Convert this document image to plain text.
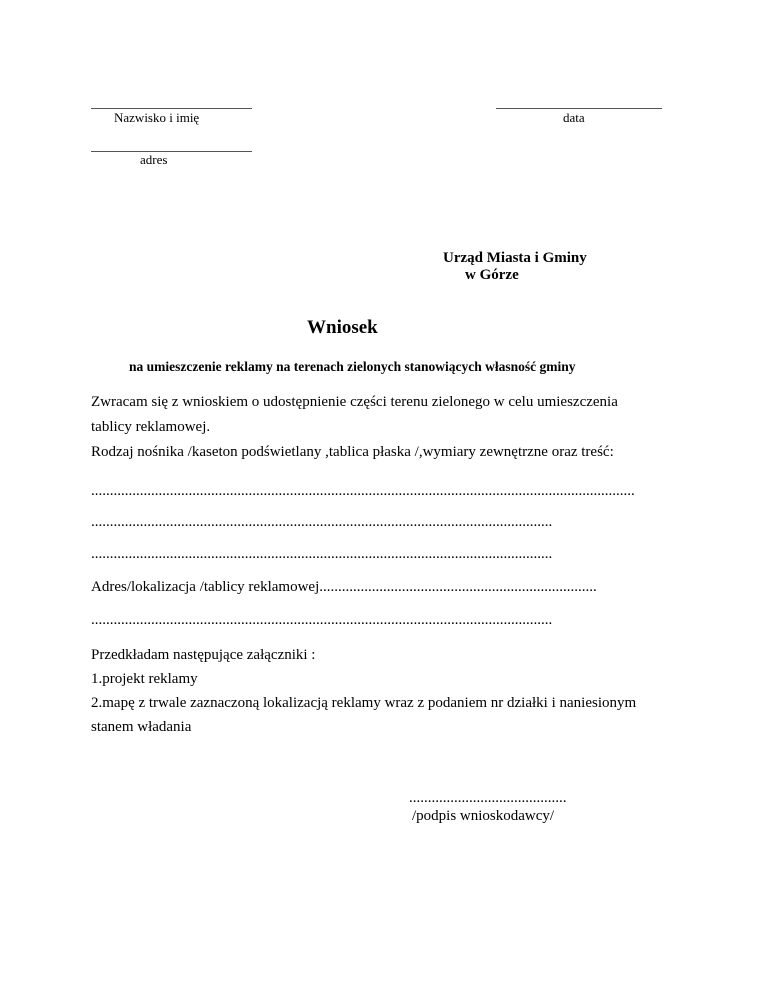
Nazwisko i imię	data
adres
Urząd Miasta i Gminy
w Górze
Wniosek
na umieszczenie reklamy na terenach zielonych stanowiących własność gminy
Zwracam się z wnioskiem o udostępnienie części terenu zielonego w celu umieszczenia
tablicy reklamowej.
Rodzaj nośnika /kaseton podświetlany ,tablica płaska /,wymiary zewnętrzne oraz treść:
.................................................................................................................................................
...........................................................................................................................
...........................................................................................................................
Adres/lokalizacja /tablicy reklamowej..........................................................................
...........................................................................................................................
Przedkładam następujące załączniki :
1.projekt reklamy
2.mapę z trwale zaznaczoną lokalizacją reklamy wraz z podaniem nr działki i naniesionym
stanem władania
..........................................
/podpis wnioskodawcy/
